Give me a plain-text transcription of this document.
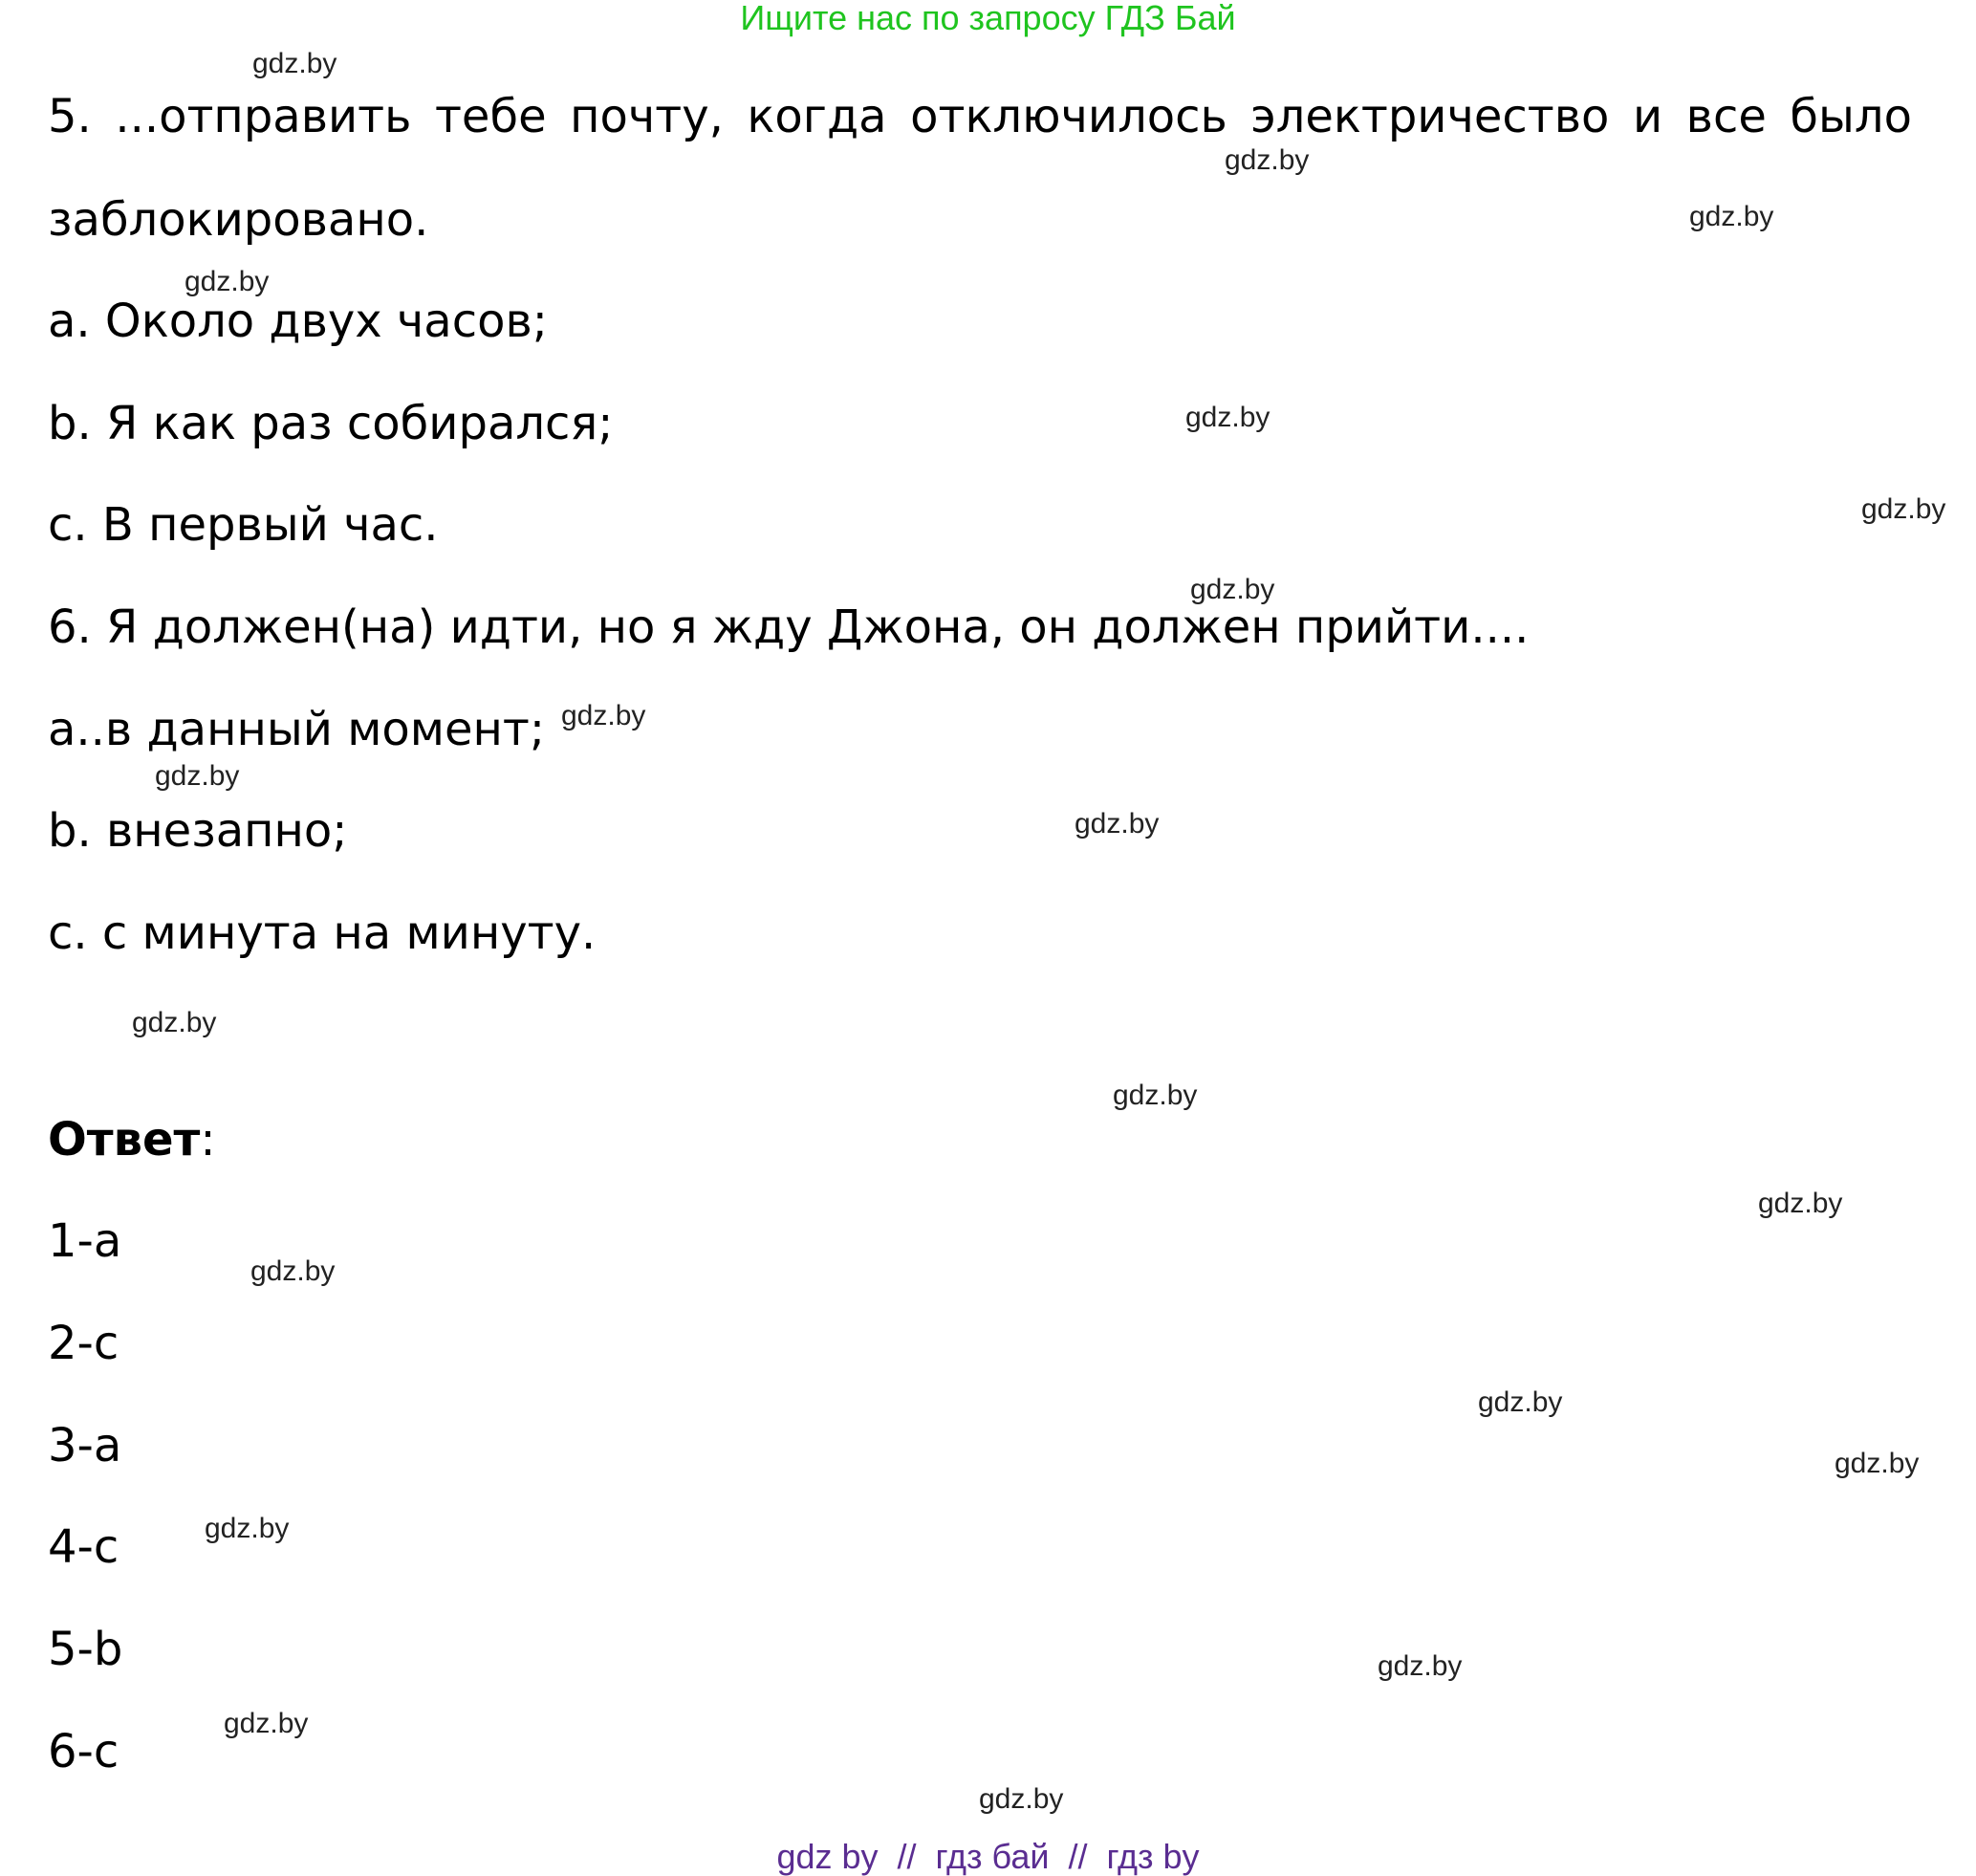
Ищите нас по запросу ГДЗ Бай
5. ...отправить тебе почту, когда отключилось электричество и все было
заблокировано.
a. Около двух часов;
b. Я как раз собирался;
c. В первый час.
6. Я должен(на) идти, но я жду Джона, он должен прийти....
a..в данный момент;
b. внезапно;
c. с минута на минуту.
Ответ:
1-a
2-c
3-a
4-c
5-b
6-c
gdz.by
gdz.by
gdz.by
gdz.by
gdz.by
gdz.by
gdz.by
gdz.by
gdz.by
gdz.by
gdz.by
gdz.by
gdz.by
gdz.by
gdz.by
gdz.by
gdz.by
gdz.by
gdz.by
gdz.by
gdz by  //  гдз бай  //  гдз by
